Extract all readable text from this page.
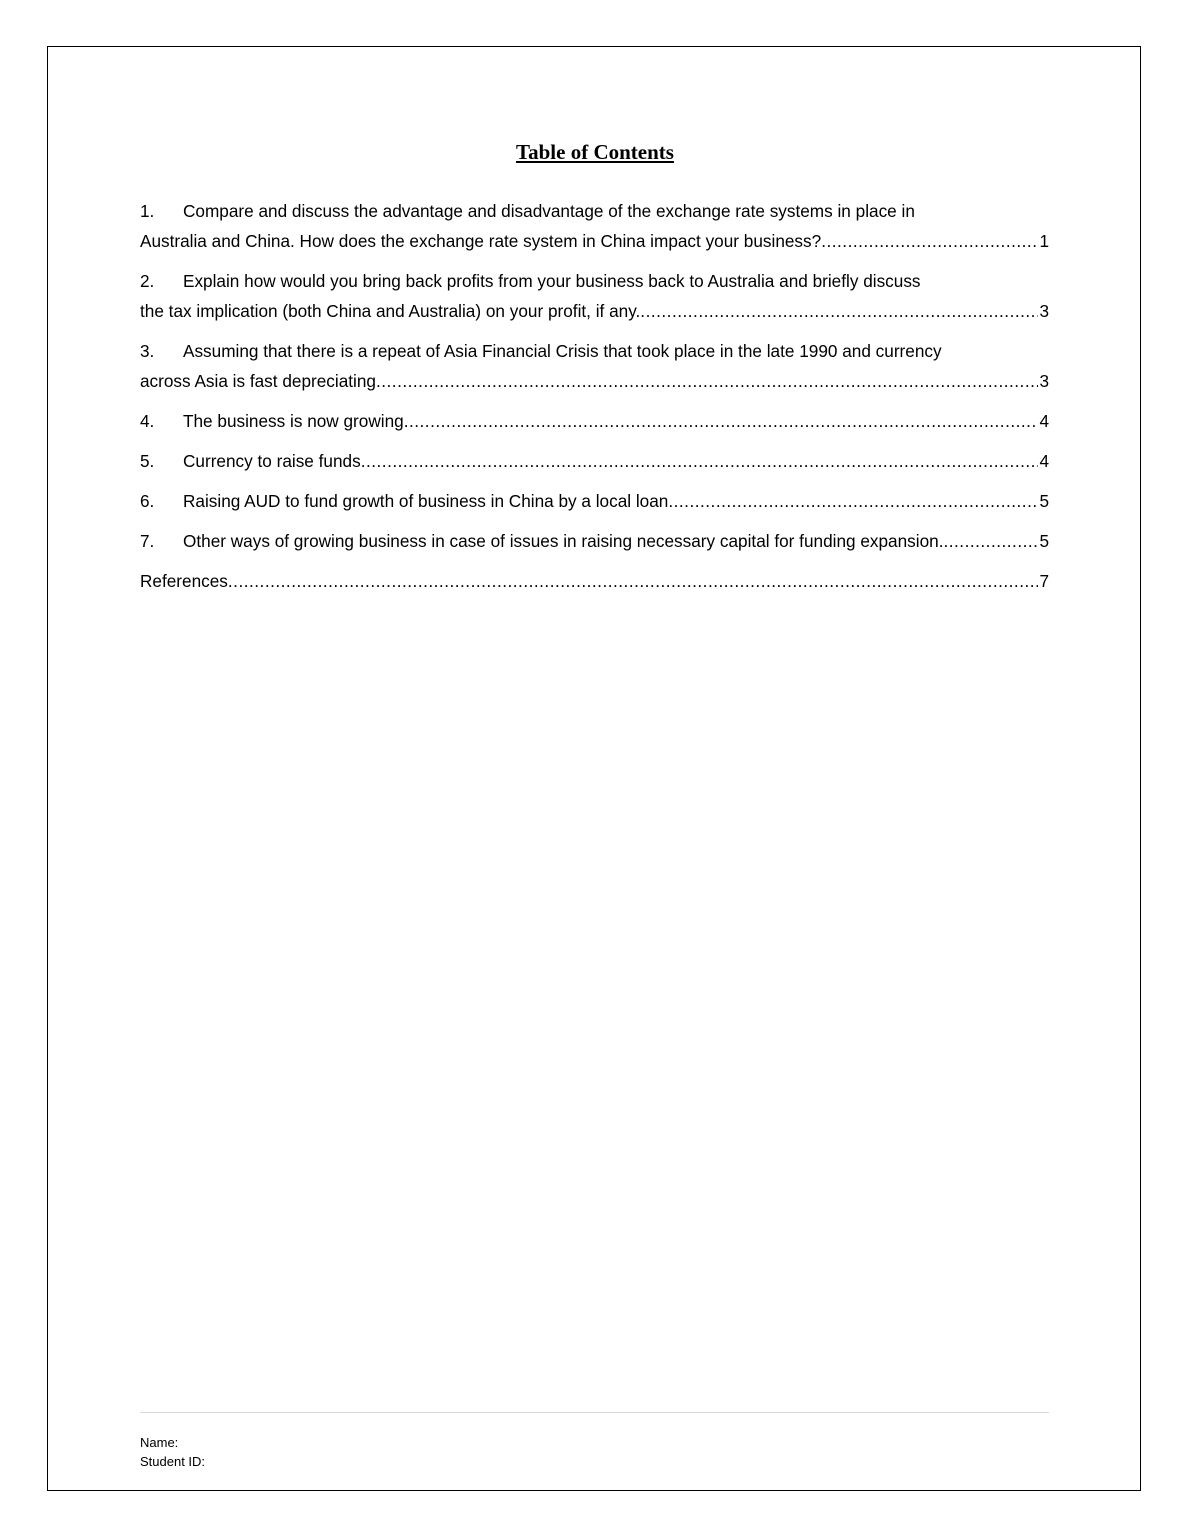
Table of Contents
1.	Compare and discuss the advantage and disadvantage of the exchange rate systems in place in
Australia and China. How does the exchange rate system in China impact your business? .....	1
2.	Explain how would you bring back profits from your business back to Australia and briefly discuss
the tax implication (both China and Australia) on your profit, if any. .....	3
3.	Assuming that there is a repeat of Asia Financial Crisis that took place in the late 1990 and currency
across Asia is fast depreciating .....	3
4.	The business is now growing .....	4
5.	Currency to raise funds .....	4
6.	Raising AUD to fund growth of business in China by a local loan .....	5
7.	Other ways of growing business in case of issues in raising necessary capital for funding expansion. .....	5
References .....	7
Name:
Student ID:
